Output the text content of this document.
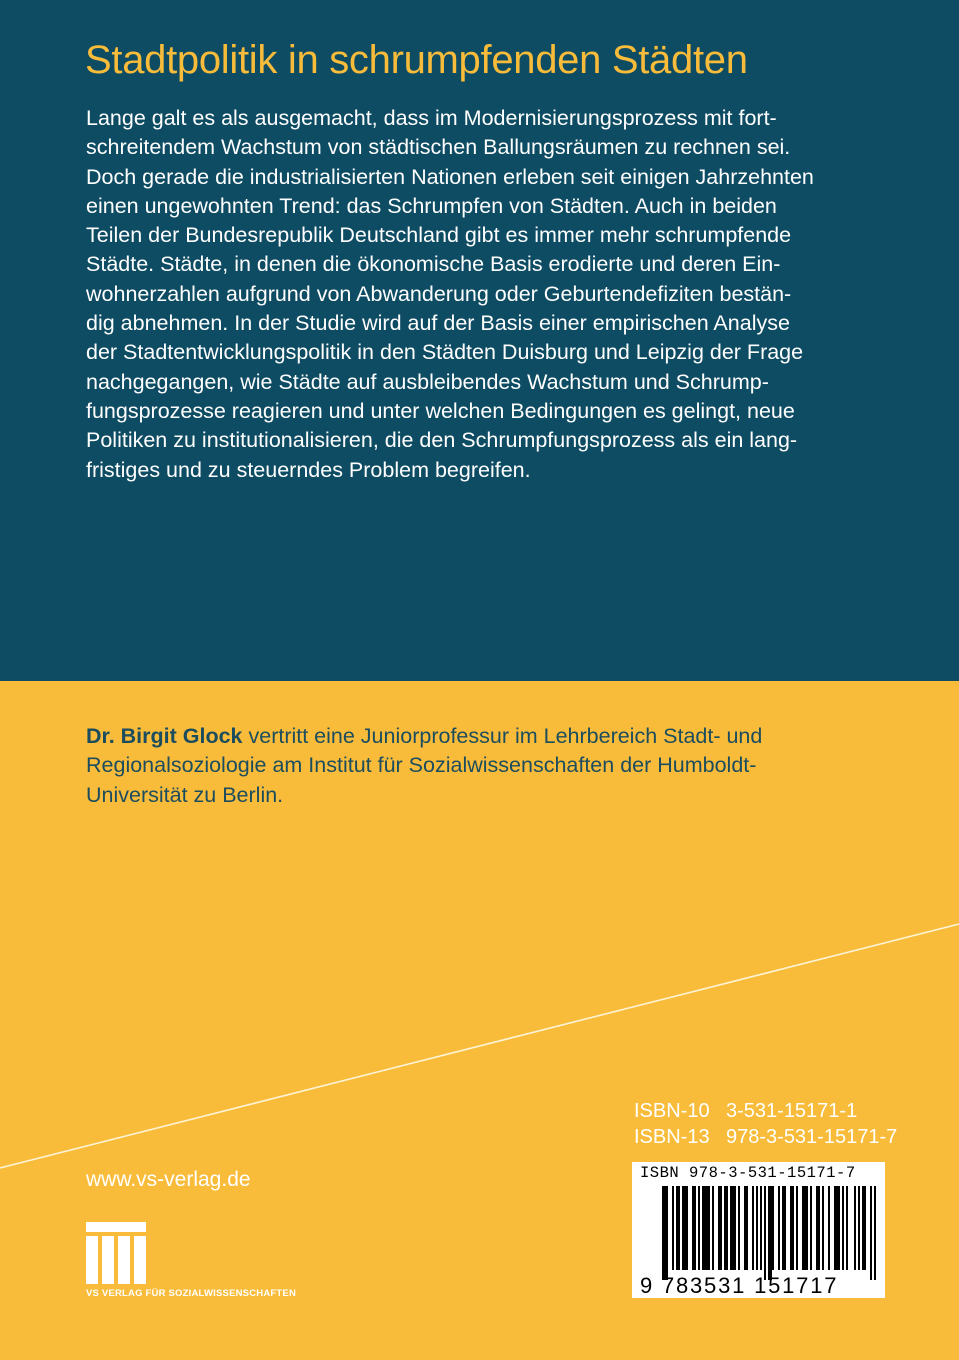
Stadtpolitik in schrumpfenden Städten
Lange galt es als ausgemacht, dass im Modernisierungsprozess mit fort-
schreitendem Wachstum von städtischen Ballungsräumen zu rechnen sei.
Doch gerade die industrialisierten Nationen erleben seit einigen Jahrzehnten
einen ungewohnten Trend: das Schrumpfen von Städten. Auch in beiden
Teilen der Bundesrepublik Deutschland gibt es immer mehr schrumpfende
Städte. Städte, in denen die ökonomische Basis erodierte und deren Ein-
wohnerzahlen aufgrund von Abwanderung oder Geburtendefiziten bestän-
dig abnehmen. In der Studie wird auf der Basis einer empirischen Analyse
der Stadtentwicklungspolitik in den Städten Duisburg und Leipzig der Frage
nachgegangen, wie Städte auf ausbleibendes Wachstum und Schrump-
fungsprozesse reagieren und unter welchen Bedingungen es gelingt, neue
Politiken zu institutionalisieren, die den Schrumpfungsprozess als ein lang-
fristiges und zu steuerndes Problem begreifen.
Dr. Birgit Glock vertritt eine Juniorprofessur im Lehrbereich Stadt- und
Regionalsoziologie am Institut für Sozialwissenschaften der Humboldt-
Universität zu Berlin.
www.vs-verlag.de
VS VERLAG FÜR SOZIALWISSENSCHAFTEN
ISBN-10 3-531-15171-1
ISBN-13 978-3-531-15171-7
ISBN 978-3-531-15171-7
9 783531 151717
